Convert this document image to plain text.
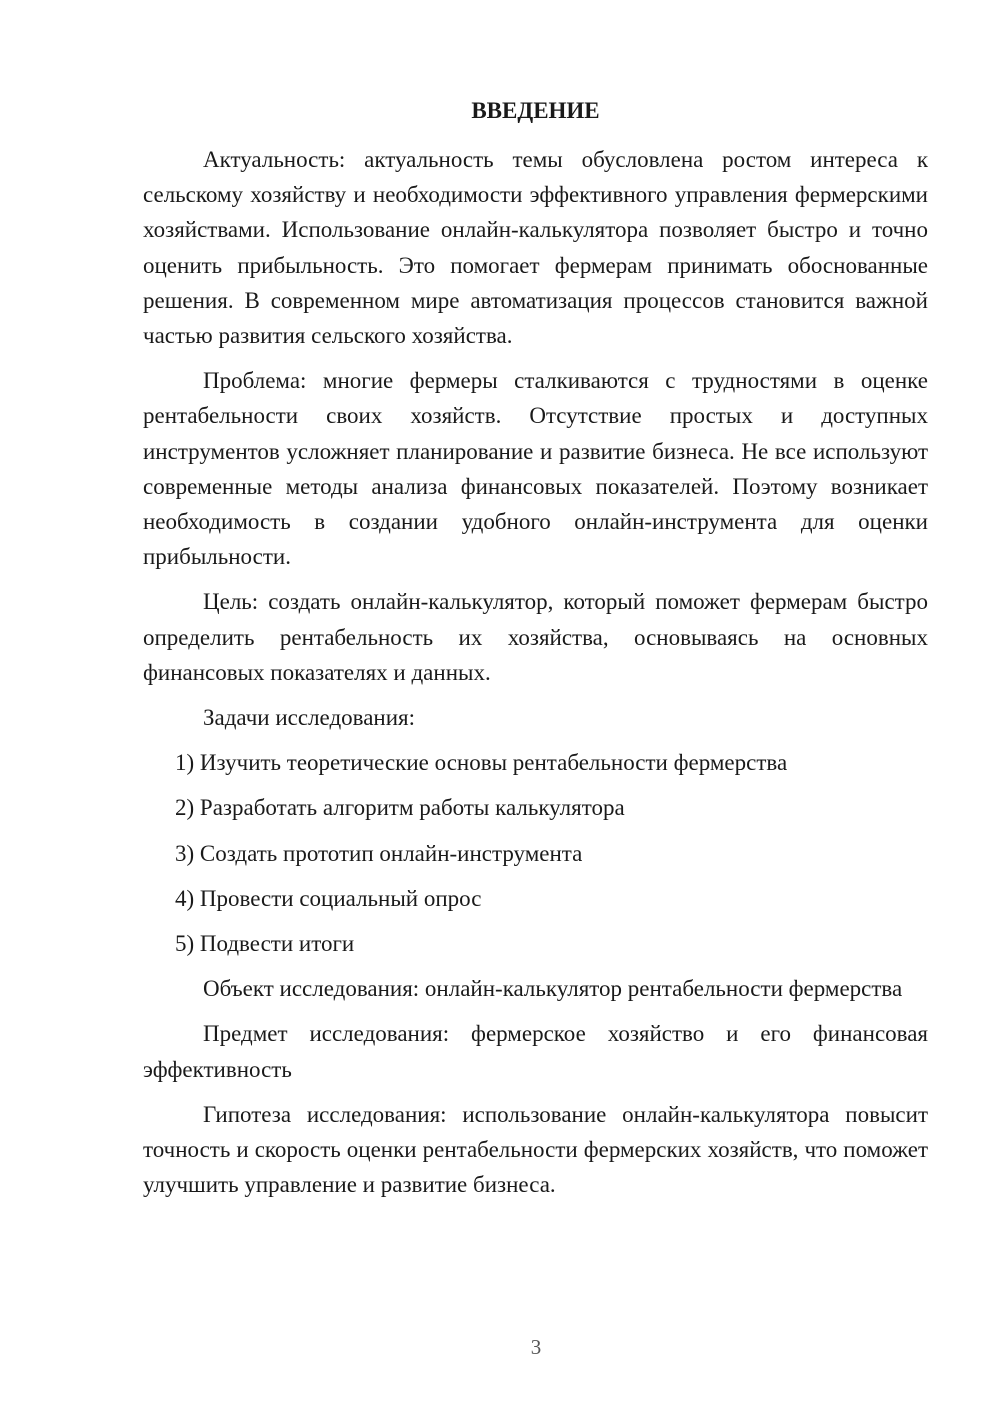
ВВЕДЕНИЕ

Актуальность: актуальность темы обусловлена ростом интереса к сельскому хозяйству и необходимости эффективного управления фермерскими хозяйствами. Использование онлайн-калькулятора позволяет быстро и точно оценить прибыльность. Это помогает фермерам принимать обоснованные решения. В современном мире автоматизация процессов становится важной частью развития сельского хозяйства.

Проблема: многие фермеры сталкиваются с трудностями в оценке рентабельности своих хозяйств. Отсутствие простых и доступных инструментов усложняет планирование и развитие бизнеса. Не все используют современные методы анализа финансовых показателей. Поэтому возникает необходимость в создании удобного онлайн-инструмента для оценки прибыльности.

Цель: создать онлайн-калькулятор, который поможет фермерам быстро определить рентабельность их хозяйства, основываясь на основных финансовых показателях и данных.

Задачи исследования:

1) Изучить теоретические основы рентабельности фермерства
2) Разработать алгоритм работы калькулятора
3) Создать прототип онлайн-инструмента
4) Провести социальный опрос
5) Подвести итоги

Объект исследования: онлайн-калькулятор рентабельности фермерства

Предмет исследования: фермерское хозяйство и его финансовая эффективность

Гипотеза исследования: использование онлайн-калькулятора повысит точность и скорость оценки рентабельности фермерских хозяйств, что поможет улучшить управление и развитие бизнеса.

3
